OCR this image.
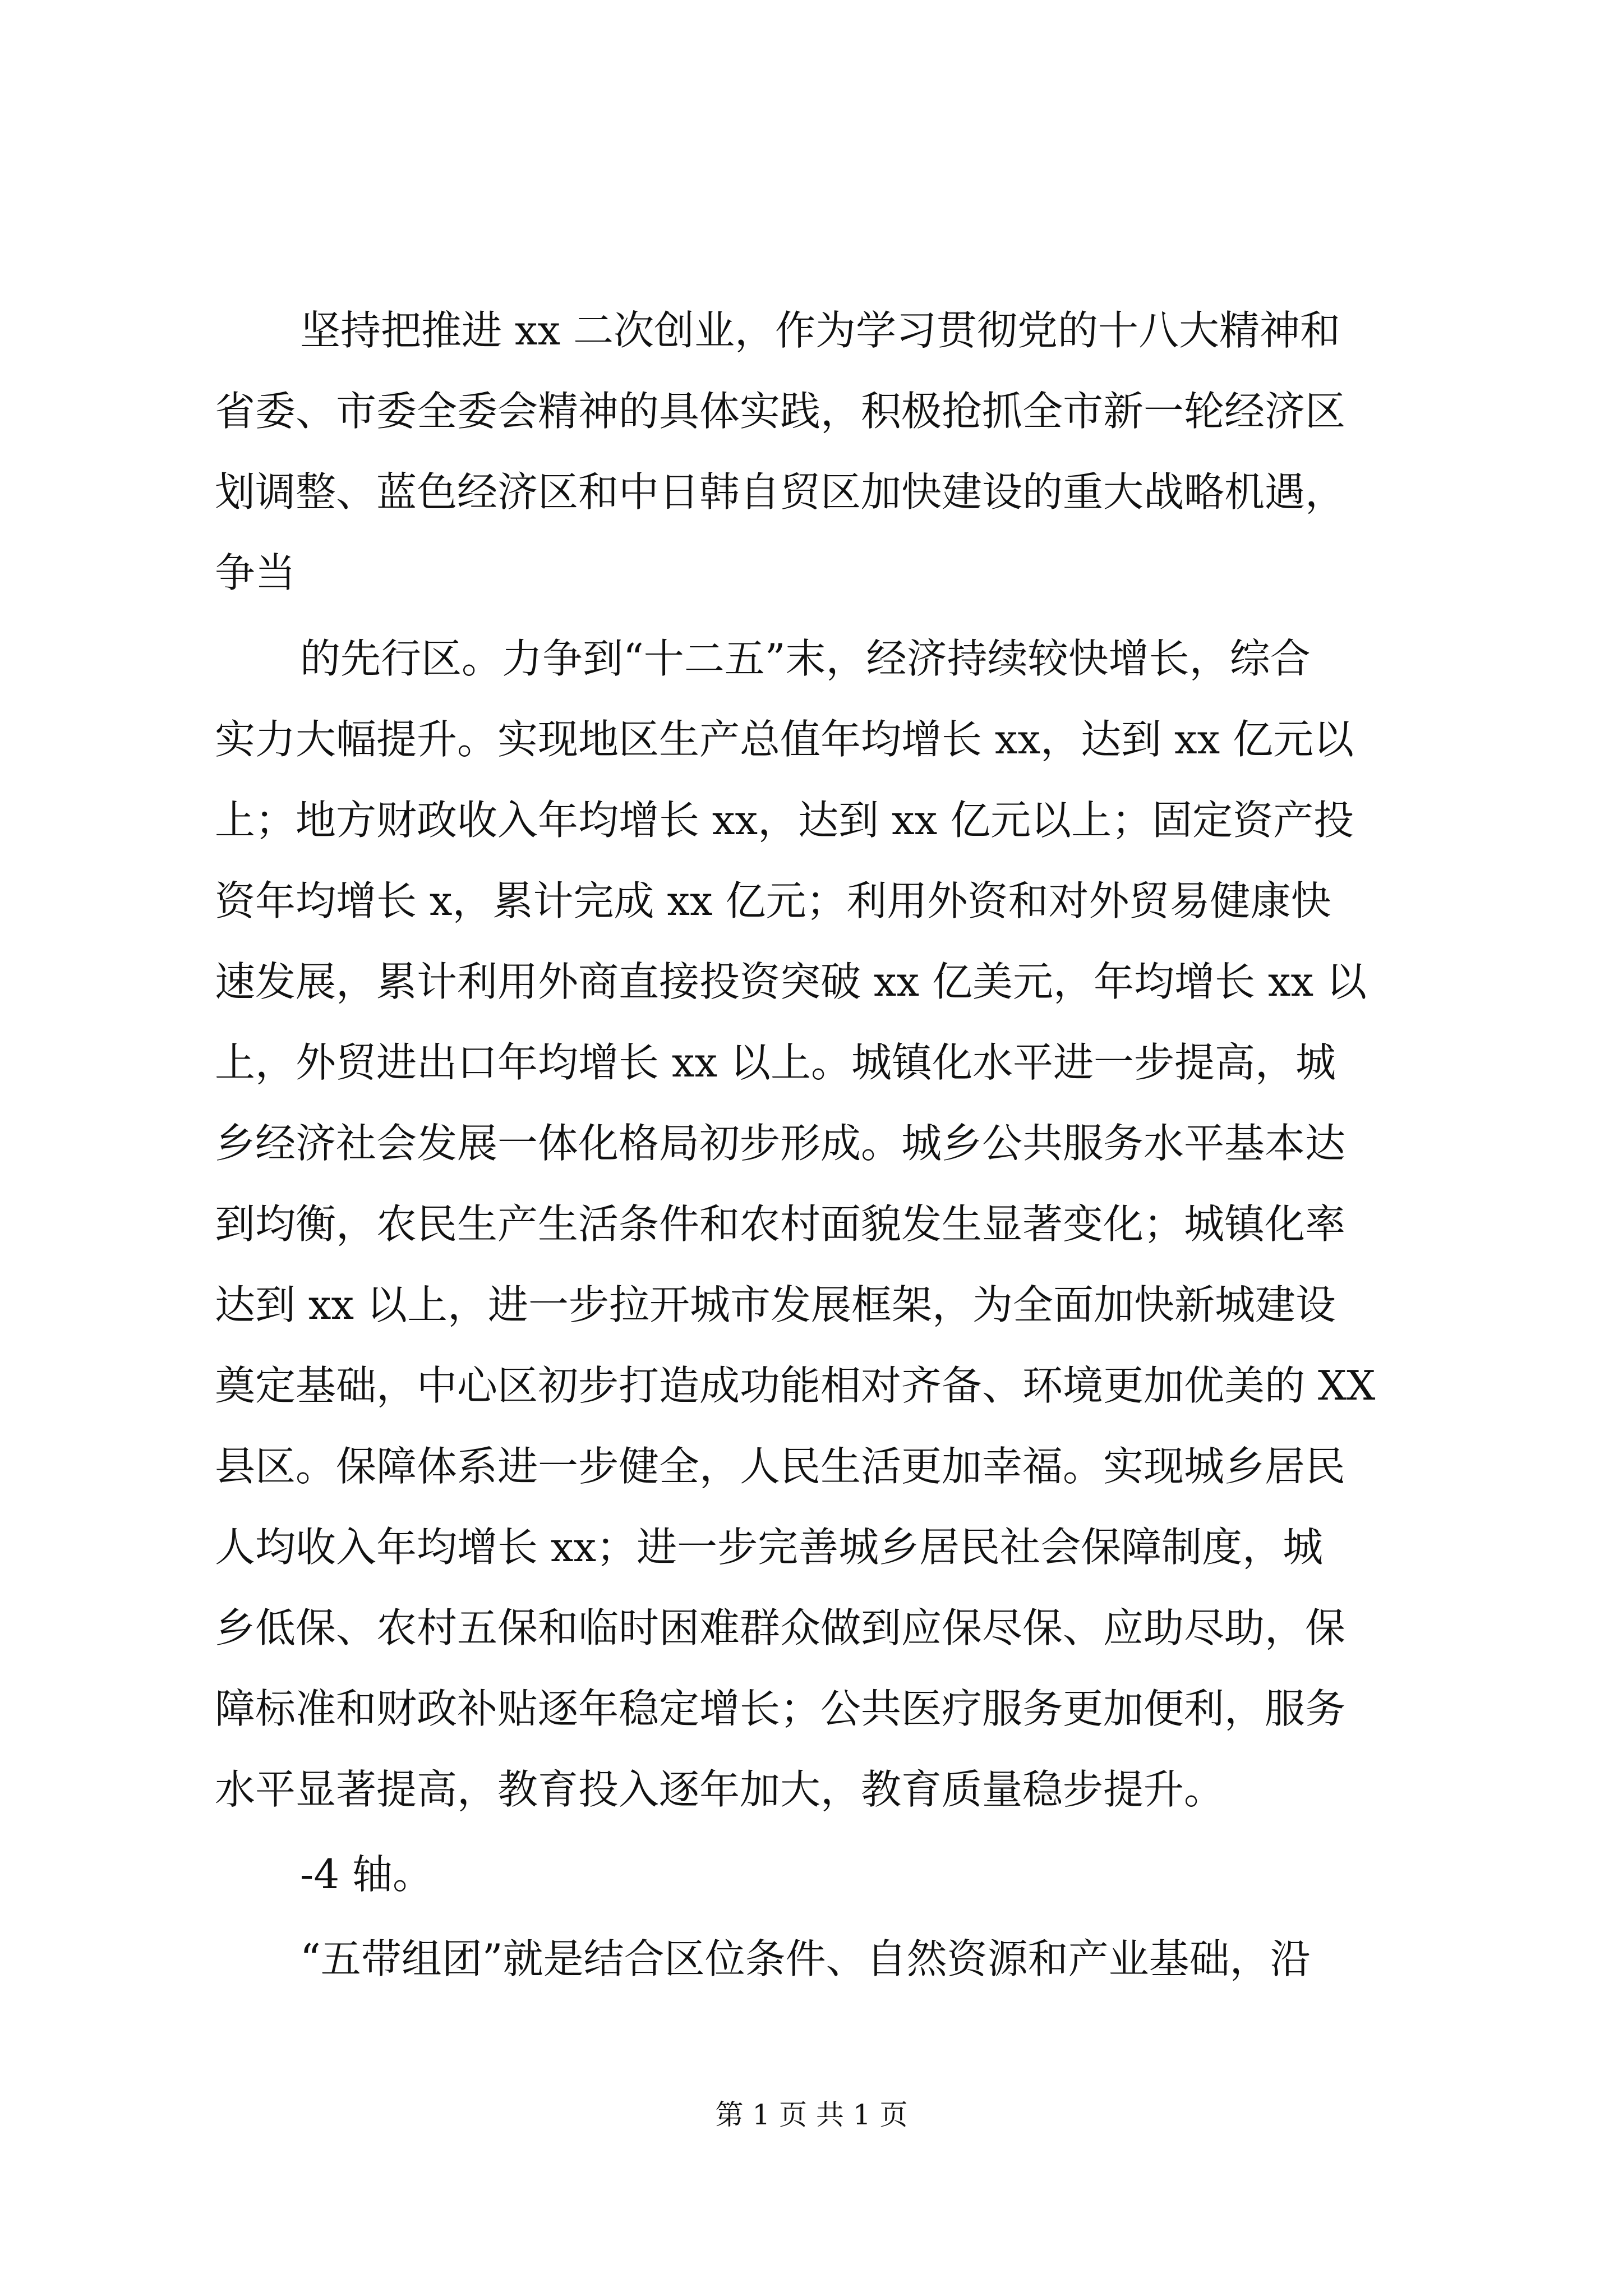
坚持把推进 xx 二次创业，作为学习贯彻党的十八大精神和
省委、市委全委会精神的具体实践，积极抢抓全市新一轮经济区
划调整、蓝色经济区和中日韩自贸区加快建设的重大战略机遇，
争当
的先行区。力争到“十二五”末，经济持续较快增长，综合
实力大幅提升。实现地区生产总值年均增长 xx，达到 xx 亿元以
上；地方财政收入年均增长 xx，达到 xx 亿元以上；固定资产投
资年均增长 x，累计完成 xx 亿元；利用外资和对外贸易健康快
速发展，累计利用外商直接投资突破 xx 亿美元，年均增长 xx 以
上，外贸进出口年均增长 xx 以上。城镇化水平进一步提高，城
乡经济社会发展一体化格局初步形成。城乡公共服务水平基本达
到均衡，农民生产生活条件和农村面貌发生显著变化；城镇化率
达到 xx 以上，进一步拉开城市发展框架，为全面加快新城建设
奠定基础，中心区初步打造成功能相对齐备、环境更加优美的 XX
县区。保障体系进一步健全，人民生活更加幸福。实现城乡居民
人均收入年均增长 xx；进一步完善城乡居民社会保障制度，城
乡低保、农村五保和临时困难群众做到应保尽保、应助尽助，保
障标准和财政补贴逐年稳定增长；公共医疗服务更加便利，服务
水平显著提高，教育投入逐年加大，教育质量稳步提升。
-4 轴。
“五带组团”就是结合区位条件、自然资源和产业基础，沿
第 1 页 共 1 页
